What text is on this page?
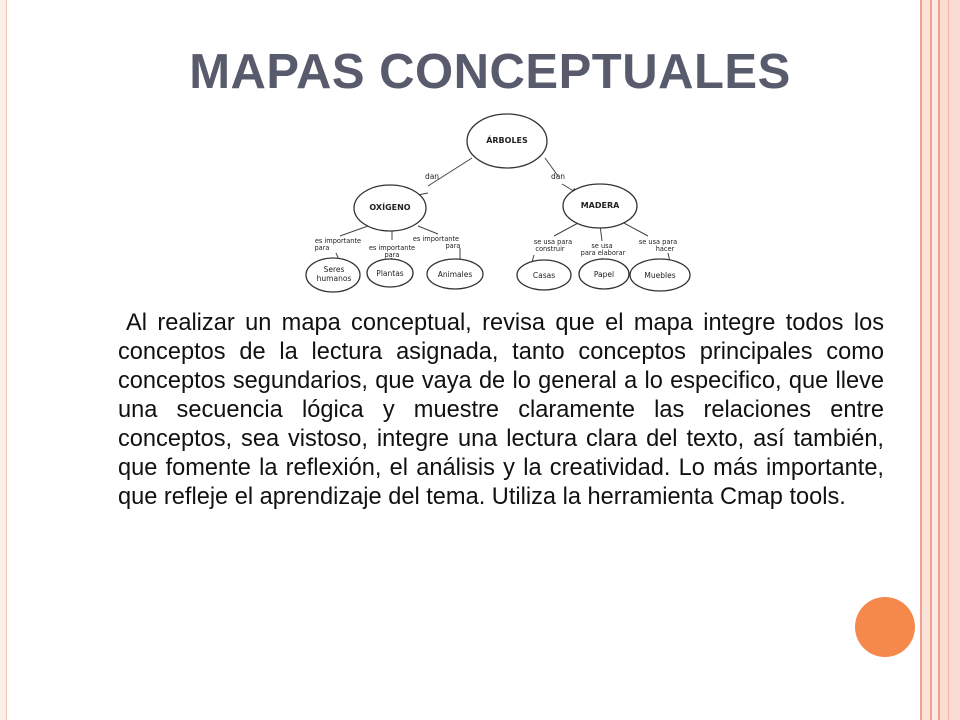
MAPAS CONCEPTUALES
ÁRBOLES
OXÍGENO	MADERA
Seres
humanos
Plantas	Animales	Casas	Papel	Muebles
dan	dan
es importante
para	es importante
para
es importante
para	se usa para
construir	se usa
para elaborar
se usa para
hacer

Al realizar un mapa conceptual, revisa que el mapa integre todos los conceptos de la lectura asignada, tanto conceptos principales como conceptos segundarios, que vaya de lo general a lo especifico, que lleve una secuencia lógica y muestre claramente las relaciones entre conceptos, sea vistoso, integre una lectura clara del texto, así también, que fomente la reflexión, el análisis y la creatividad. Lo más importante, que refleje el aprendizaje del tema. Utiliza la herramienta Cmap tools.
